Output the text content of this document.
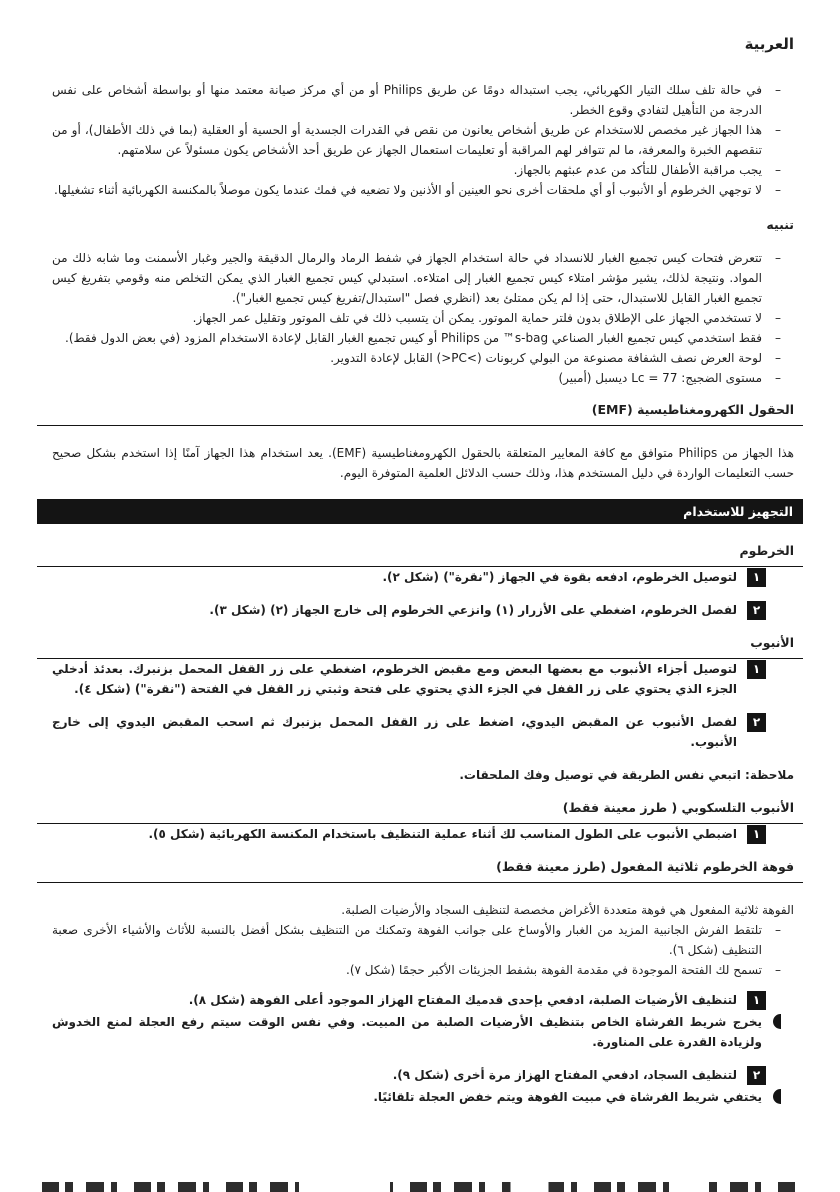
العربية
–

في حالة تلف سلك التيار الكهربائي، يجب استبداله دومًا عن طريق Philips أو من أي مركز صيانة معتمد منها أو بواسطة أشخاص على نفس الدرجة من التأهيل لتفادي وقوع الخطر.

–

هذا الجهاز غير مخصص للاستخدام عن طريق أشخاص يعانون من نقص في القدرات الجسدية أو الحسية أو العقلية (بما في ذلك الأطفال)، أو من تنقصهم الخبرة والمعرفة، ما لم تتوافر لهم المراقبة أو تعليمات استعمال الجهاز عن طريق أحد الأشخاص يكون مسئولاً عن سلامتهم.

–

يجب مراقبة الأطفال للتأكد من عدم عبثهم بالجهاز.

–

لا توجهي الخرطوم أو الأنبوب أو أي ملحقات أخرى نحو العينين أو الأذنين ولا تضعيه في فمك عندما يكون موصلاً بالمكنسة الكهربائية أثناء تشغيلها.

تنبيه
–

تتعرض فتحات كيس تجميع الغبار للانسداد في حالة استخدام الجهاز في شفط الرماد والرمال الدقيقة والجير وغبار الأسمنت وما شابه ذلك من المواد. ونتيجة لذلك، يشير مؤشر امتلاء كيس تجميع الغبار إلى امتلاءه. استبدلي كيس تجميع الغبار الذي يمكن التخلص منه وقومي بتفريغ كيس تجميع الغبار القابل للاستبدال، حتى إذا لم يكن ممتلئ بعد (انظري فصل "استبدال/تفريغ كيس تجميع الغبار").

–

لا تستخدمي الجهاز على الإطلاق بدون فلتر حماية الموتور. يمكن أن يتسبب ذلك في تلف الموتور وتقليل عمر الجهاز.

–

فقط استخدمي كيس تجميع الغبار الصناعي s-bag™ من Philips أو كيس تجميع الغبار القابل لإعادة الاستخدام المزود (في بعض الدول فقط).

–

لوحة العرض نصف الشفافة مصنوعة من البولي كربونات (>PC<) القابل لإعادة التدوير.

–

مستوى الضجيج: Lc = 77 ديسبل (أمبير)

الحقول الكهرومغناطيسية (EMF)

هذا الجهاز من Philips متوافق مع كافة المعايير المتعلقة بالحقول الكهرومغناطيسية (EMF). يعد استخدام هذا الجهاز آمنًا إذا استخدم بشكل صحيح حسب التعليمات الواردة في دليل المستخدم هذا، وذلك حسب الدلائل العلمية المتوفرة اليوم.

التجهيز للاستخدام
الخرطوم
١

لتوصيل الخرطوم، ادفعه بقوة في الجهاز ("نقرة") (شكل ٢).

٢

لفصل الخرطوم، اضغطي على الأزرار (١) وانزعي الخرطوم إلى خارج الجهاز (٢) (شكل ٣).

الأنبوب
١

لتوصيل أجزاء الأنبوب مع بعضها البعض ومع مقبض الخرطوم، اضغطي على زر القفل المحمل بزنبرك. بعدئذ أدخلي الجزء الذي يحتوي على زر القفل في الجزء الذي يحتوي على فتحة وثبتي زر القفل في الفتحة ("نقرة") (شكل ٤).

٢

لفصل الأنبوب عن المقبض اليدوي، اضغط على زر القفل المحمل بزنبرك ثم اسحب المقبض اليدوي إلى خارج الأنبوب.

ملاحظة: اتبعي نفس الطريقة في توصيل وفك الملحقات.

الأنبوب التلسكوبي ( طرز معينة فقط)
١

اضبطي الأنبوب على الطول المناسب لك أثناء عملية التنظيف باستخدام المكنسة الكهربائية (شكل ٥).

فوهة الخرطوم ثلاثية المفعول (طرز معينة فقط)

الفوهة ثلاثية المفعول هي فوهة متعددة الأغراض مخصصة لتنظيف السجاد والأرضيات الصلبة.

–

تلتقط الفرش الجانبية المزيد من الغبار والأوساخ على جوانب الفوهة وتمكنك من التنظيف بشكل أفضل بالنسبة للأثاث والأشياء الأخرى صعبة التنظيف (شكل ٦).

–

تسمح لك الفتحة الموجودة في مقدمة الفوهة بشفط الجزيئات الأكبر حجمًا (شكل ٧).

١

لتنظيف الأرضيات الصلبة، ادفعي بإحدى قدميك المفتاح الهزاز الموجود أعلى الفوهة (شكل ٨).

يخرج شريط الفرشاة الخاص بتنظيف الأرضيات الصلبة من المبيت. وفي نفس الوقت سيتم رفع العجلة لمنع الخدوش ولزيادة القدرة على المناورة.

٢

لتنظيف السجاد، ادفعي المفتاح الهزاز مرة أخرى (شكل ٩).

يختفي شريط الفرشاة في مبيت الفوهة ويتم خفض العجلة تلقائيًا.
